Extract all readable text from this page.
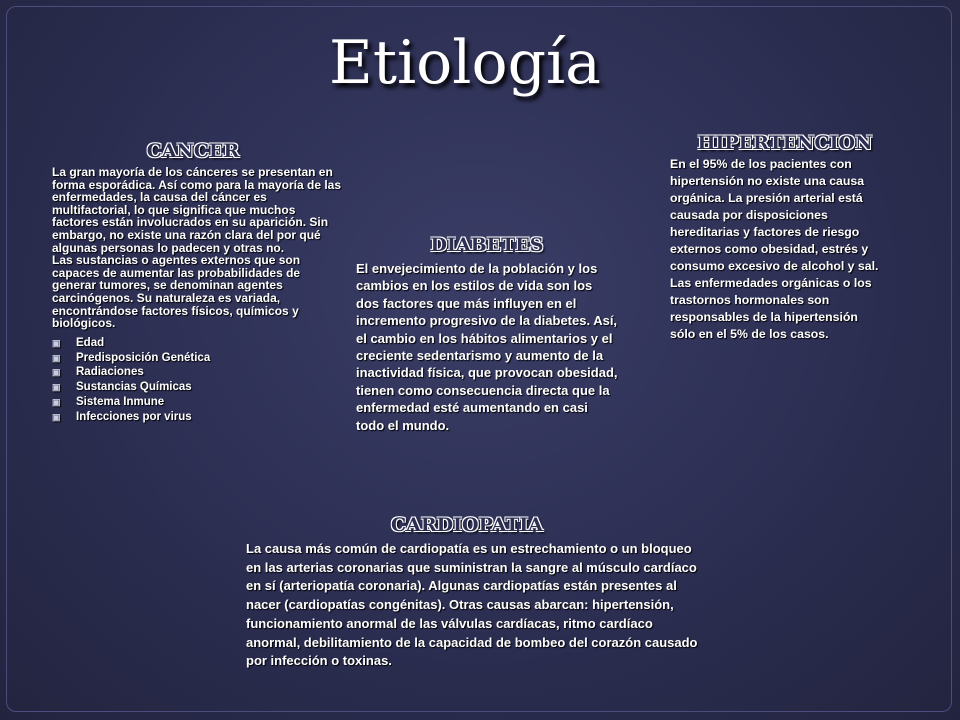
Etiología
CANCER

La gran mayoría de los cánceres se presentan en forma esporádica. Así como para la mayoría de las enfermedades, la causa del cáncer es multifactorial, lo que significa que muchos factores están involucrados en su aparición. Sin embargo, no existe una razón clara del por qué algunas personas lo padecen y otras no.

Las sustancias o agentes externos que son capaces de aumentar las probabilidades de generar tumores, se denominan agentes carcinógenos. Su naturaleza es variada, encontrándose factores físicos, químicos y biológicos.

▣ Edad
▣ Predisposición Genética
▣ Radiaciones
▣ Sustancias Químicas
▣ Sistema Inmune
▣ Infecciones por virus
DIABETES

El envejecimiento de la población y los cambios en los estilos de vida son los dos factores que más influyen en el incremento progresivo de la diabetes. Así, el cambio en los hábitos alimentarios y el creciente sedentarismo y aumento de la inactividad física, que provocan obesidad, tienen como consecuencia directa que la enfermedad esté aumentando en casi todo el mundo.

HIPERTENCION

En el 95% de los pacientes con hipertensión no existe una causa orgánica. La presión arterial está causada por disposiciones hereditarias y factores de riesgo externos como obesidad, estrés y consumo excesivo de alcohol y sal. Las enfermedades orgánicas o los trastornos hormonales son responsables de la hipertensión sólo en el 5% de los casos.

CARDIOPATIA

La causa más común de cardiopatía es un estrechamiento o un bloqueo en las arterias coronarias que suministran la sangre al músculo cardíaco en sí (arteriopatía coronaria). Algunas cardiopatías están presentes al nacer (cardiopatías congénitas). Otras causas abarcan: hipertensión, funcionamiento anormal de las válvulas cardíacas, ritmo cardíaco anormal, debilitamiento de la capacidad de bombeo del corazón causado por infección o toxinas.
